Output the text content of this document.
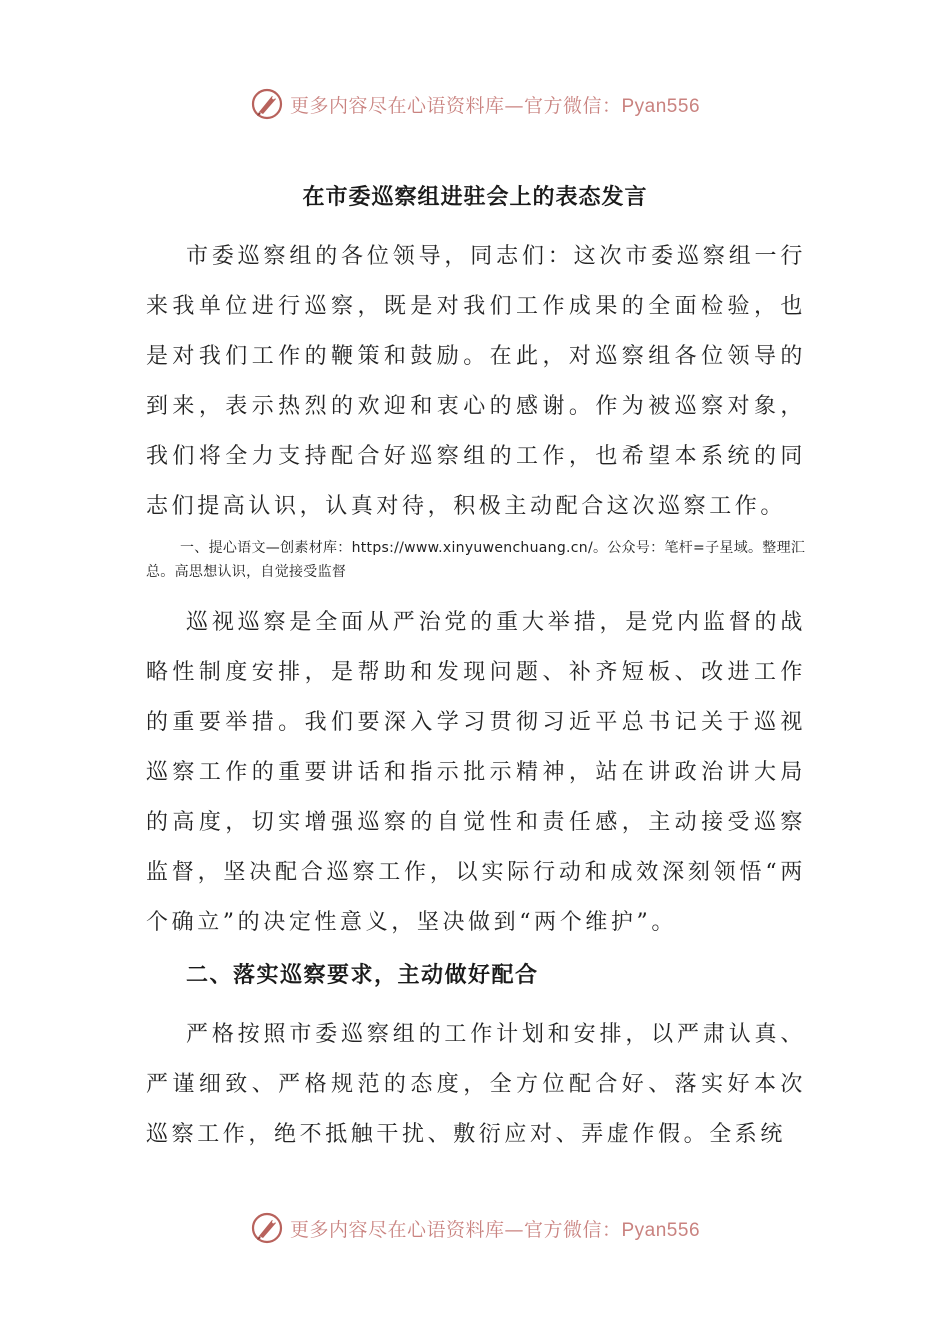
更多内容尽在心语资料库—官方微信：Pyan556
在市委巡察组进驻会上的表态发言

市委巡察组的各位领导，同志们：这次市委巡察组一行来我单位进行巡察，既是对我们工作成果的全面检验，也是对我们工作的鞭策和鼓励。在此，对巡察组各位领导的到来，表示热烈的欢迎和衷心的感谢。作为被巡察对象，我们将全力支持配合好巡察组的工作，也希望本系统的同志们提高认识，认真对待，积极主动配合这次巡察工作。

一、提心语文—创素材库：https://www.xinyuwenchuang.cn/。公众号：笔杆=子星域。整理汇总。高思想认识，自觉接受监督

巡视巡察是全面从严治党的重大举措，是党内监督的战略性制度安排，是帮助和发现问题、补齐短板、改进工作的重要举措。我们要深入学习贯彻习近平总书记关于巡视巡察工作的重要讲话和指示批示精神，站在讲政治讲大局的高度，切实增强巡察的自觉性和责任感，主动接受巡察监督，坚决配合巡察工作，以实际行动和成效深刻领悟“两个确立”的决定性意义，坚决做到“两个维护”。

二、落实巡察要求，主动做好配合

严格按照市委巡察组的工作计划和安排，以严肃认真、严谨细致、严格规范的态度，全方位配合好、落实好本次巡察工作，绝不抵触干扰、敷衍应对、弄虚作假。全系统

更多内容尽在心语资料库—官方微信：Pyan556
